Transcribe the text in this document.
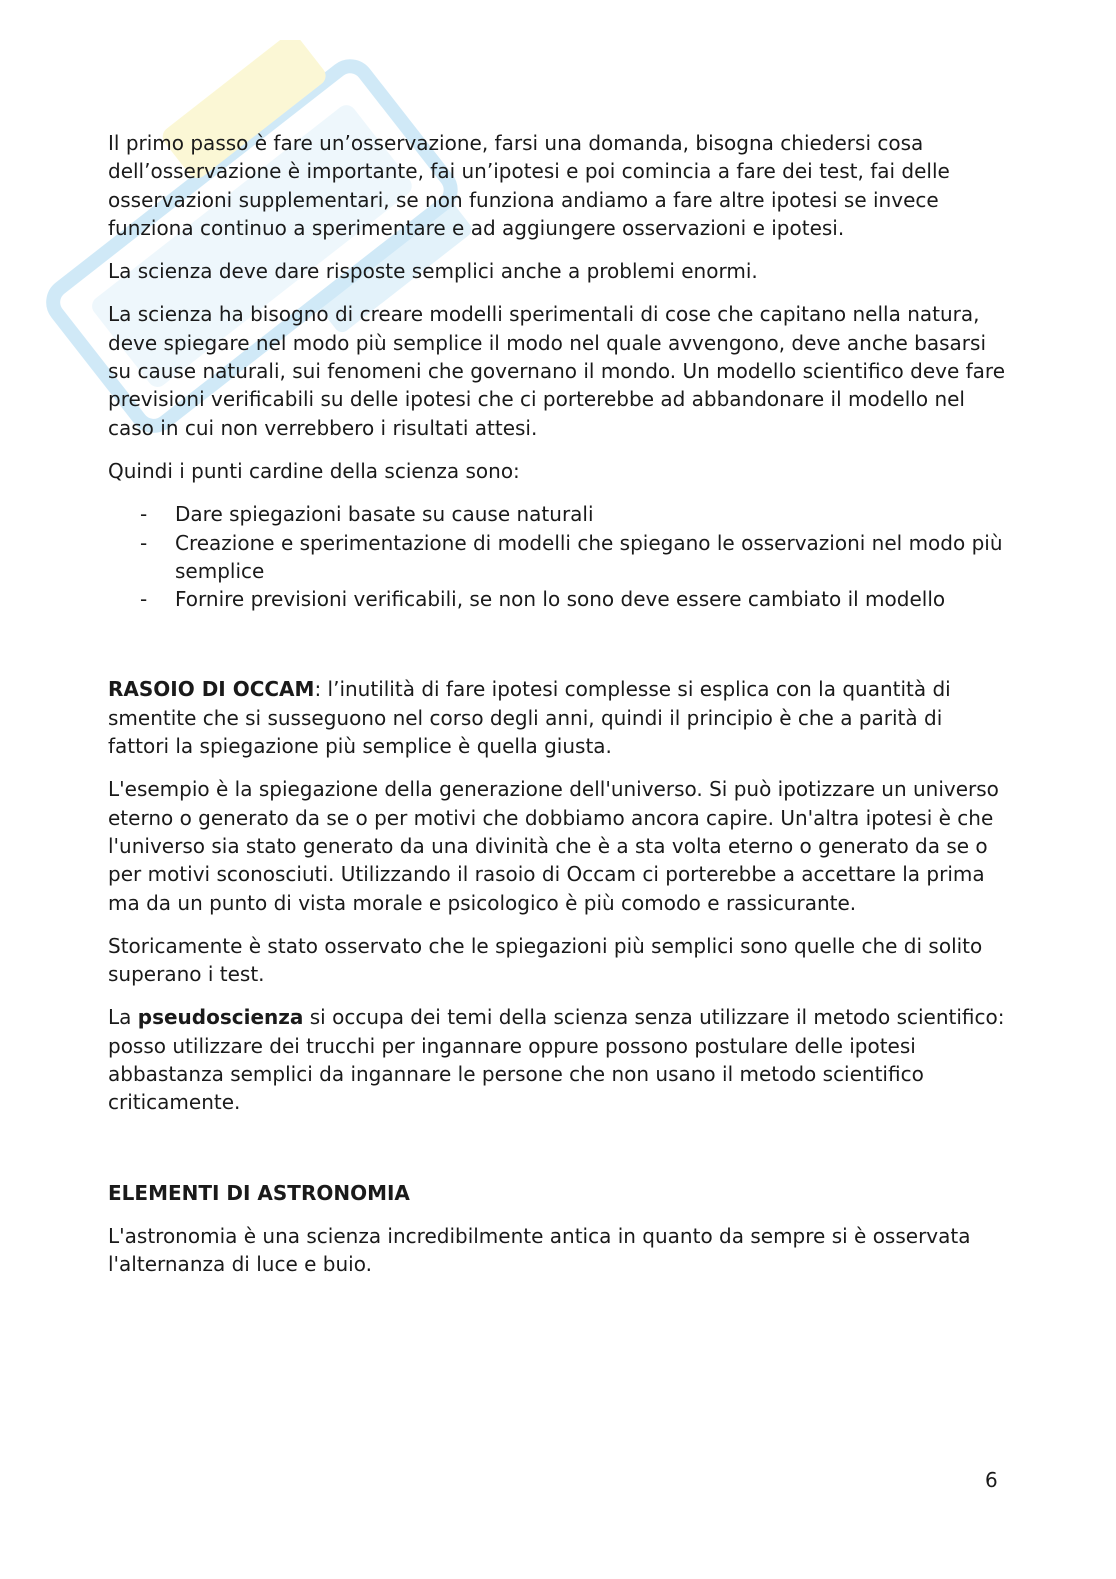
Il primo passo è fare un’osservazione, farsi una domanda, bisogna chiedersi cosa dell’osservazione è importante, fai un’ipotesi e poi comincia a fare dei test, fai delle osservazioni supplementari, se non funziona andiamo a fare altre ipotesi se invece funziona continuo a sperimentare e ad aggiungere osservazioni e ipotesi.

La scienza deve dare risposte semplici anche a problemi enormi.

La scienza ha bisogno di creare modelli sperimentali di cose che capitano nella natura, deve spiegare nel modo più semplice il modo nel quale avvengono, deve anche basarsi su cause naturali, sui fenomeni che governano il mondo. Un modello scientifico deve fare previsioni verificabili su delle ipotesi che ci porterebbe ad abbandonare il modello nel caso in cui non verrebbero i risultati attesi.

Quindi i punti cardine della scienza sono:

- Dare spiegazioni basate su cause naturali
- Creazione e sperimentazione di modelli che spiegano le osservazioni nel modo più semplice
- Fornire previsioni verificabili, se non lo sono deve essere cambiato il modello

RASOIO DI OCCAM: l’inutilità di fare ipotesi complesse si esplica con la quantità di smentite che si susseguono nel corso degli anni, quindi il principio è che a parità di fattori la spiegazione più semplice è quella giusta.

L'esempio è la spiegazione della generazione dell'universo. Si può ipotizzare un universo eterno o generato da se o per motivi che dobbiamo ancora capire. Un'altra ipotesi è che l'universo sia stato generato da una divinità che è a sta volta eterno o generato da se o per motivi sconosciuti. Utilizzando il rasoio di Occam ci porterebbe a accettare la prima ma da un punto di vista morale e psicologico è più comodo e rassicurante.

Storicamente è stato osservato che le spiegazioni più semplici sono quelle che di solito superano i test.

La pseudoscienza si occupa dei temi della scienza senza utilizzare il metodo scientifico: posso utilizzare dei trucchi per ingannare oppure possono postulare delle ipotesi abbastanza semplici da ingannare le persone che non usano il metodo scientifico criticamente.

ELEMENTI DI ASTRONOMIA

L'astronomia è una scienza incredibilmente antica in quanto da sempre si è osservata l'alternanza di luce e buio.

6
